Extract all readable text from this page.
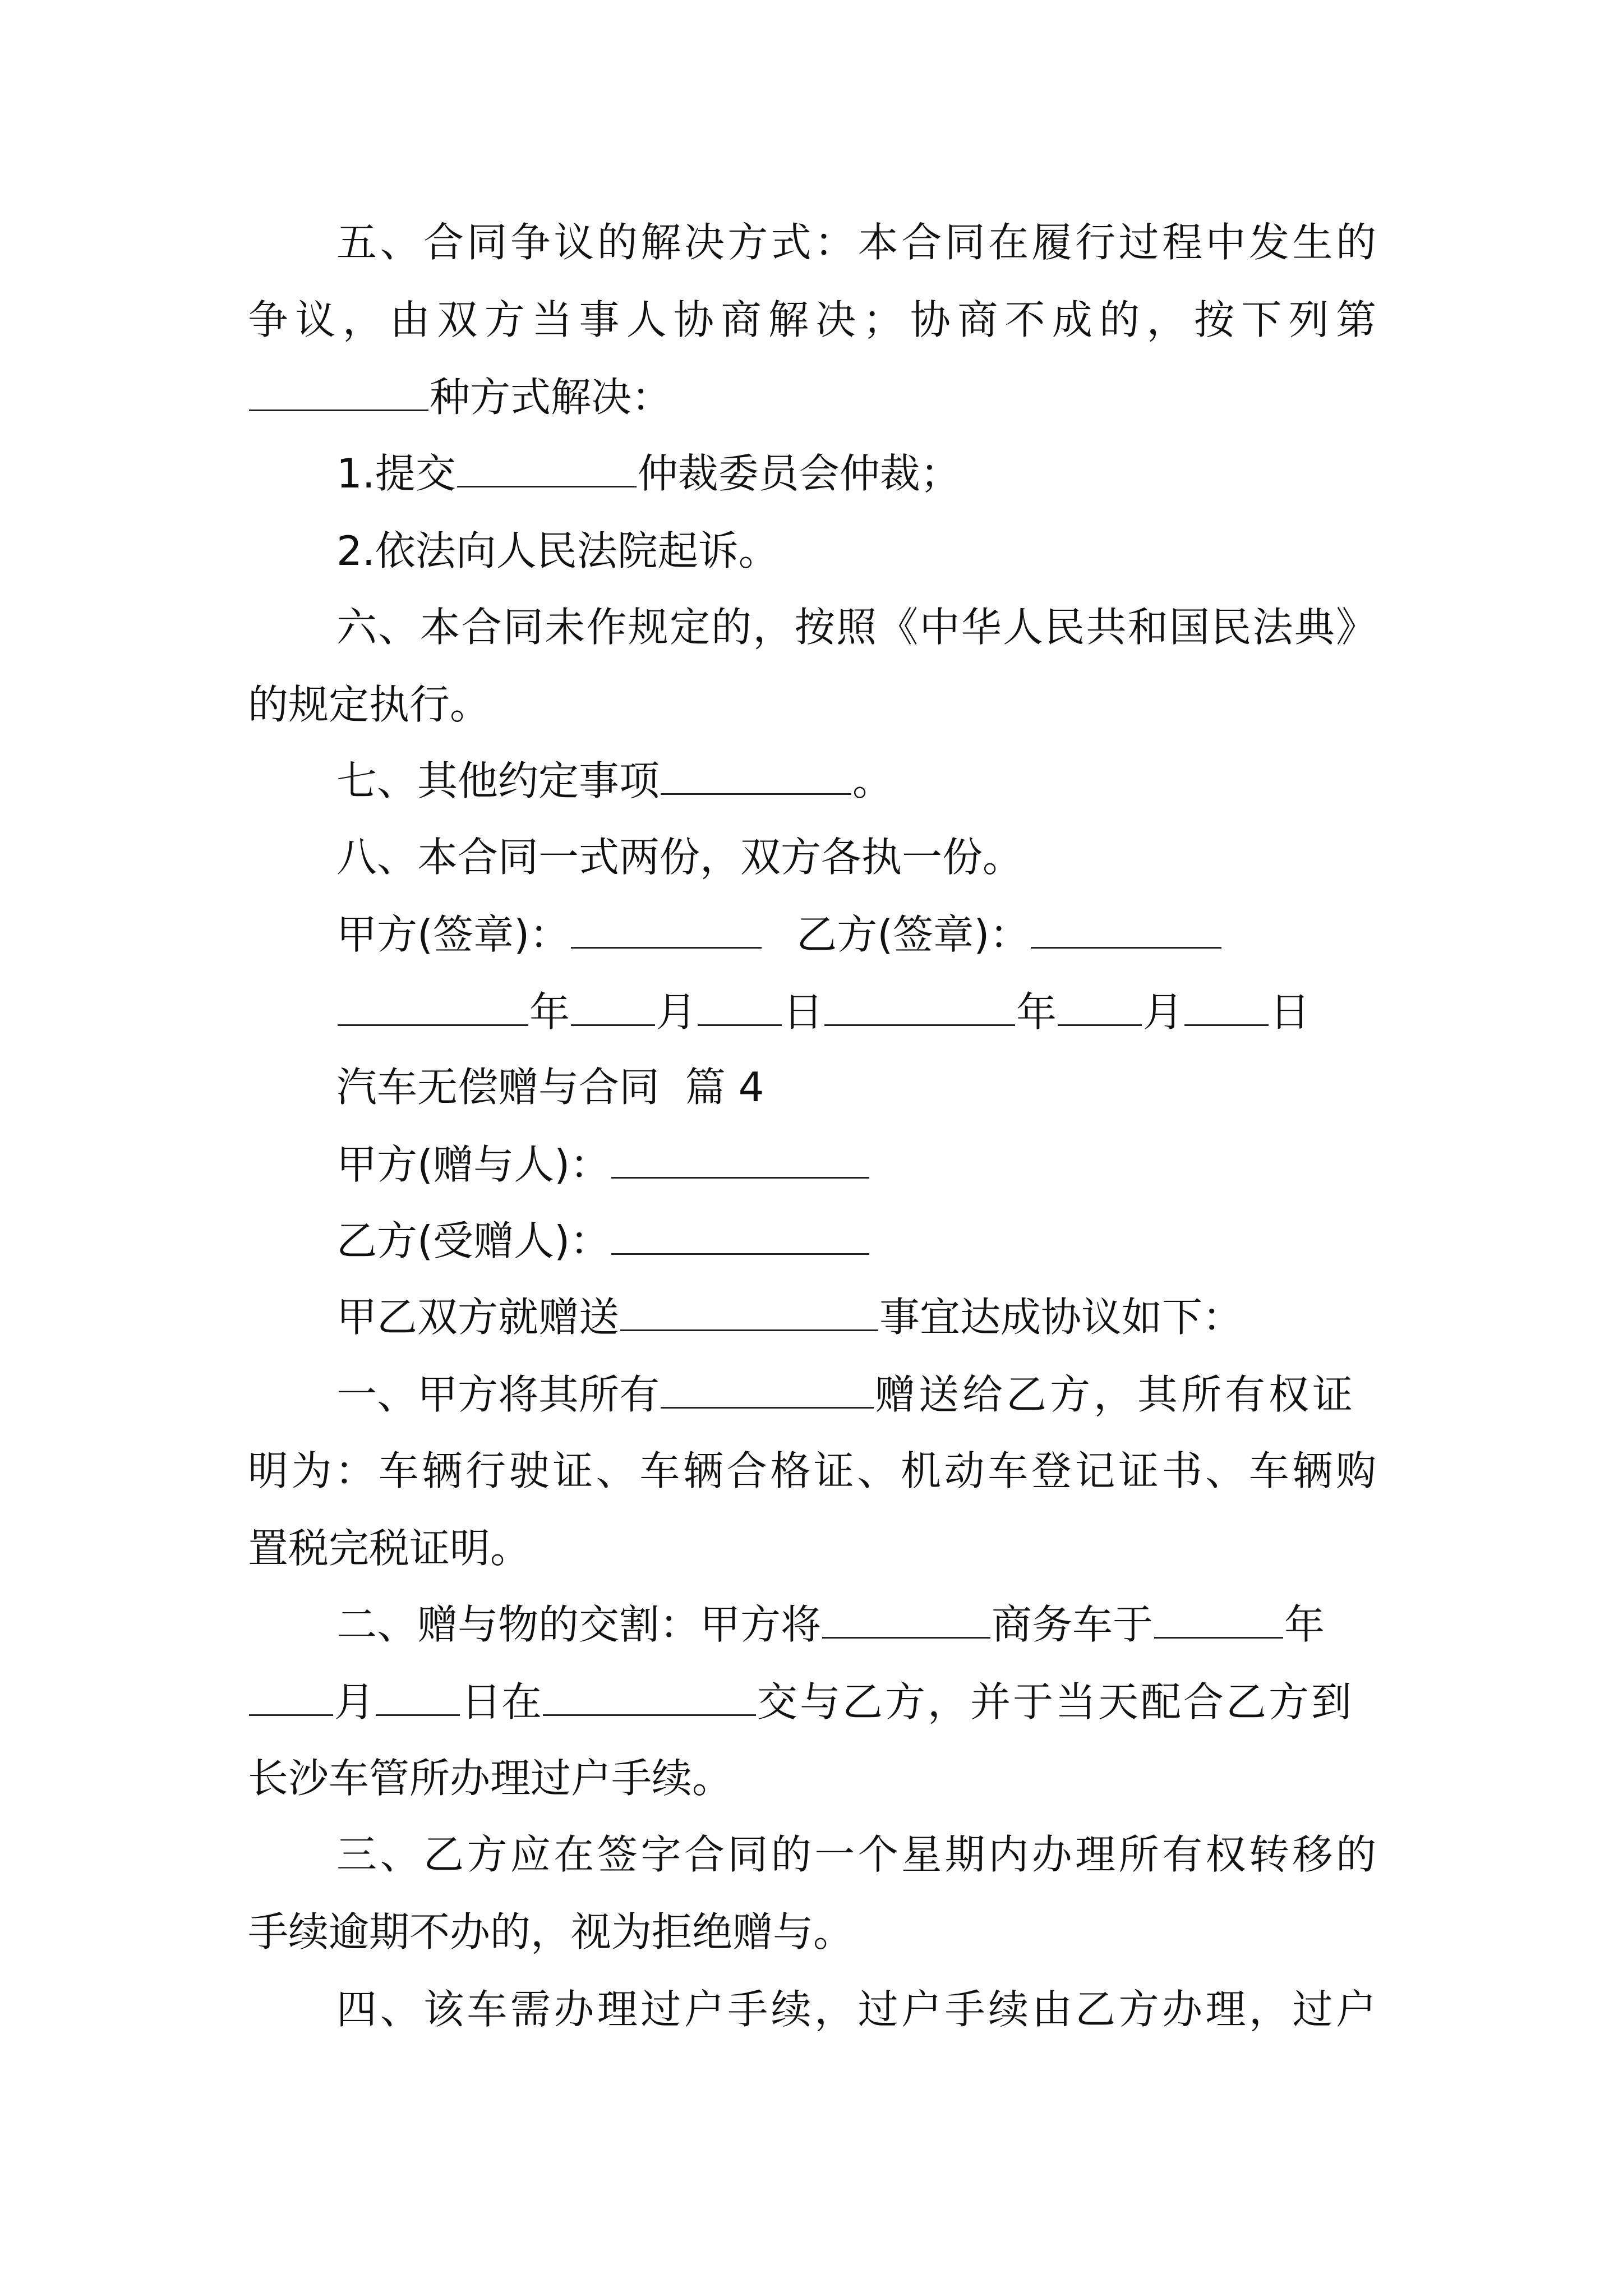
五、合同争议的解决方式：本合同在履行过程中发生的
争议，由双方当事人协商解决；协商不成的，按下列第
种方式解决：
1.提交	仲裁委员会仲裁；
2.依法向人民法院起诉。
六、本合同未作规定的，按照《中华人民共和国民法典》
的规定执行。
七、其他约定事项	。
八、本合同一式两份，双方各执一份。
甲方(签章)：	乙方(签章)：
年 月 日	年 月 日
汽车无偿赠与合同  篇 4
甲方(赠与人)：
乙方(受赠人)：
甲乙双方就赠送	事宜达成协议如下：
一、甲方将其所有	赠送给乙方，其所有权证
明为：车辆行驶证、车辆合格证、机动车登记证书、车辆购
置税完税证明。
二、赠与物的交割：甲方将	商务车于	年
月 日在	交与乙方，并于当天配合乙方到
长沙车管所办理过户手续。
三、乙方应在签字合同的一个星期内办理所有权转移的
手续逾期不办的，视为拒绝赠与。
四、该车需办理过户手续，过户手续由乙方办理，过户
